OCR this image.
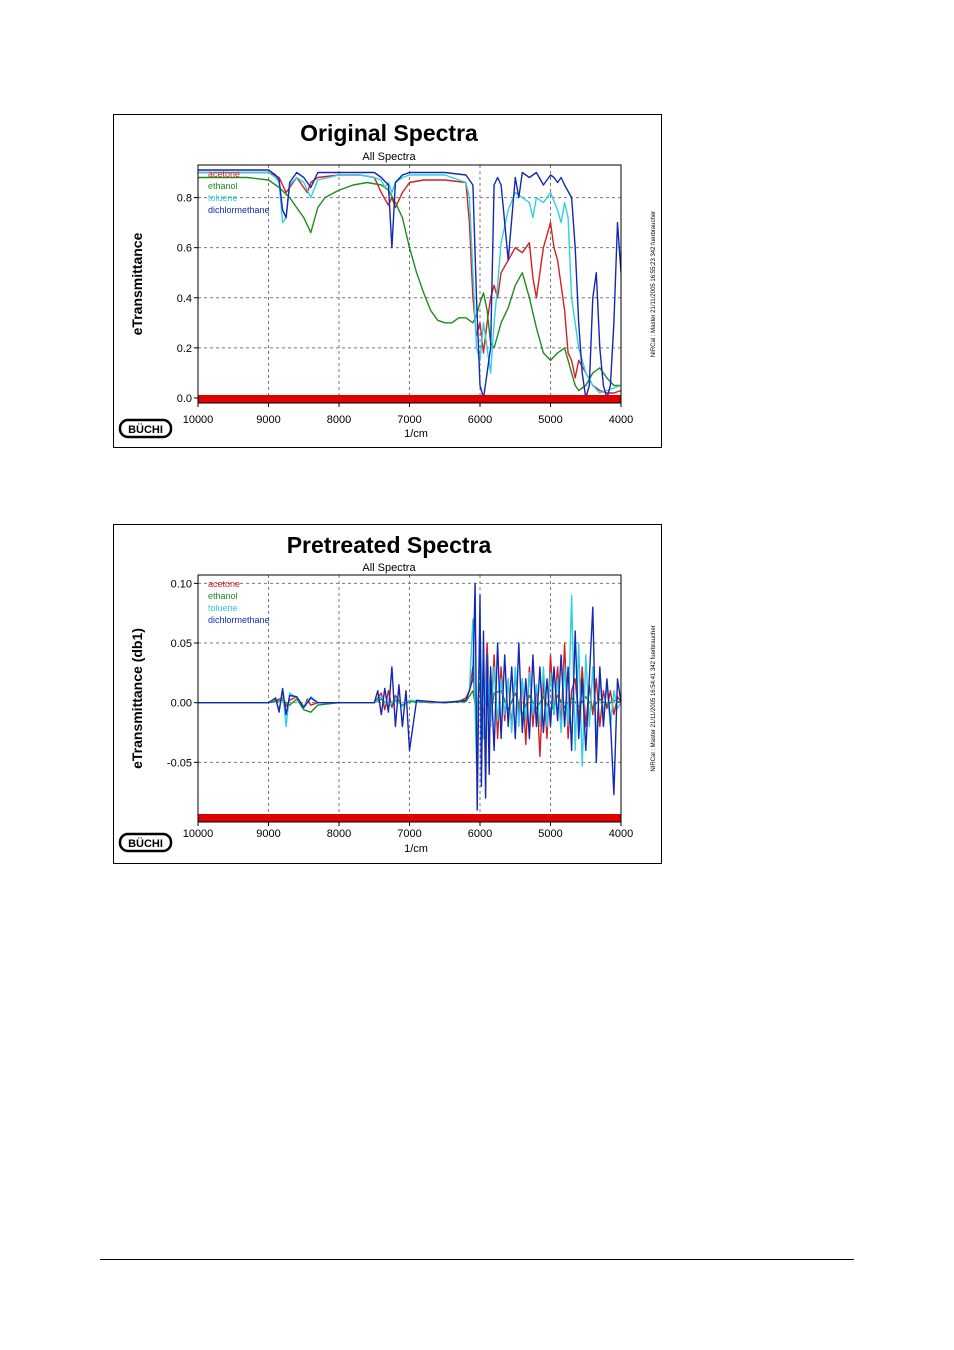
Original Spectra
All Spectra
10000	9000	8000	7000	6000	5000	4000
0.0
0.2
0.4
0.6
0.8
1/cm
eTransmittance
acetone
ethanol
toluene
dichlormethane
NIRCal : Master 21/11/2005 16:55:23 342 fuerbraucher
BÜCHI
Pretreated Spectra
All Spectra
10000	9000	8000	7000	6000	5000	4000
-0.05
0.00
0.05
0.10
1/cm
eTransmittance (db1)
acetone
ethanol
toluene
dichlormethane
NIRCal : Master 21/11/2005 16:54:41 342 fuerbraucher
BÜCHI
